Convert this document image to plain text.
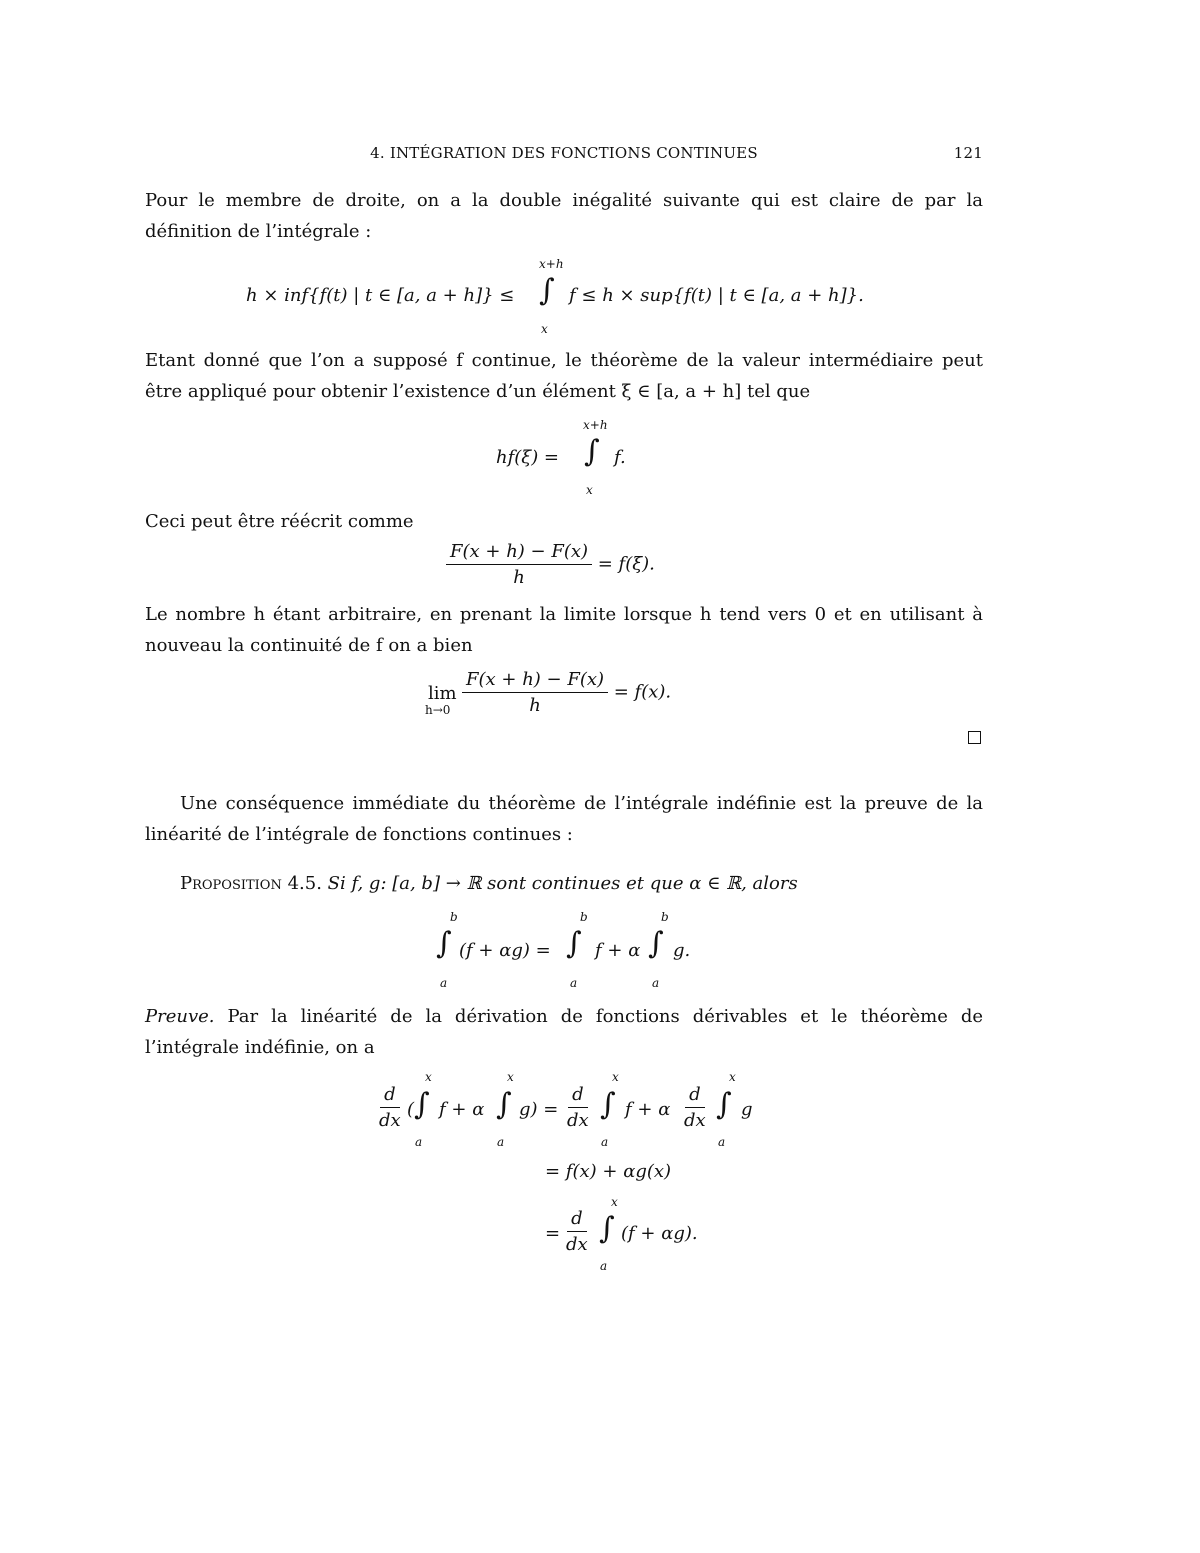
4. INTÉGRATION DES FONCTIONS CONTINUES	121
Pour le membre de droite, on a la double inégalité suivante qui est claire de par la définition de l’intégrale :
h × inf{f(t) | t ∈ [a, a + h]} ≤
x+h
∫
x
f ≤ h × sup{f(t) | t ∈ [a, a + h]}.
Etant donné que l’on a supposé f continue, le théorème de la valeur intermédiaire peut être appliqué pour obtenir l’existence d’un élément ξ ∈ [a, a + h] tel que
hf(ξ) =
x+h
∫
x
f.
Ceci peut être réécrit comme
$\frac{F(x + h) - F(x)}{h} = f(\xi)$.
Le nombre h étant arbitraire, en prenant la limite lorsque h tend vers 0 et en utilisant à nouveau la continuité de f on a bien
lim
$h\to 0 \frac{F(x + h) - F(x)}{h} = f(x)$.
Une conséquence immédiate du théorème de l’intégrale indéfinie est la preuve de la linéarité de l’intégrale de fonctions continues :
Proposition 4.5. Si f, g: [a, b] → ℝ sont continues et que α ∈ ℝ, alors
b
∫
a
(f + αg) =
b
∫
a
f + α
b
∫
a
g.
Preuve. Par la linéarité de la dérivation de fonctions dérivables et le théorème de l’intégrale indéfinie, on a
$\frac{d}{dx}$ (
x
∫
a
f + α
x
∫
a
$g) = \frac{d}{dx}$
x
∫
a
f + α $\frac{d}{dx}$
x
∫
a
g
= f(x) + αg(x)
= $\frac{d}{dx}$
x
∫
a
(f + αg).
